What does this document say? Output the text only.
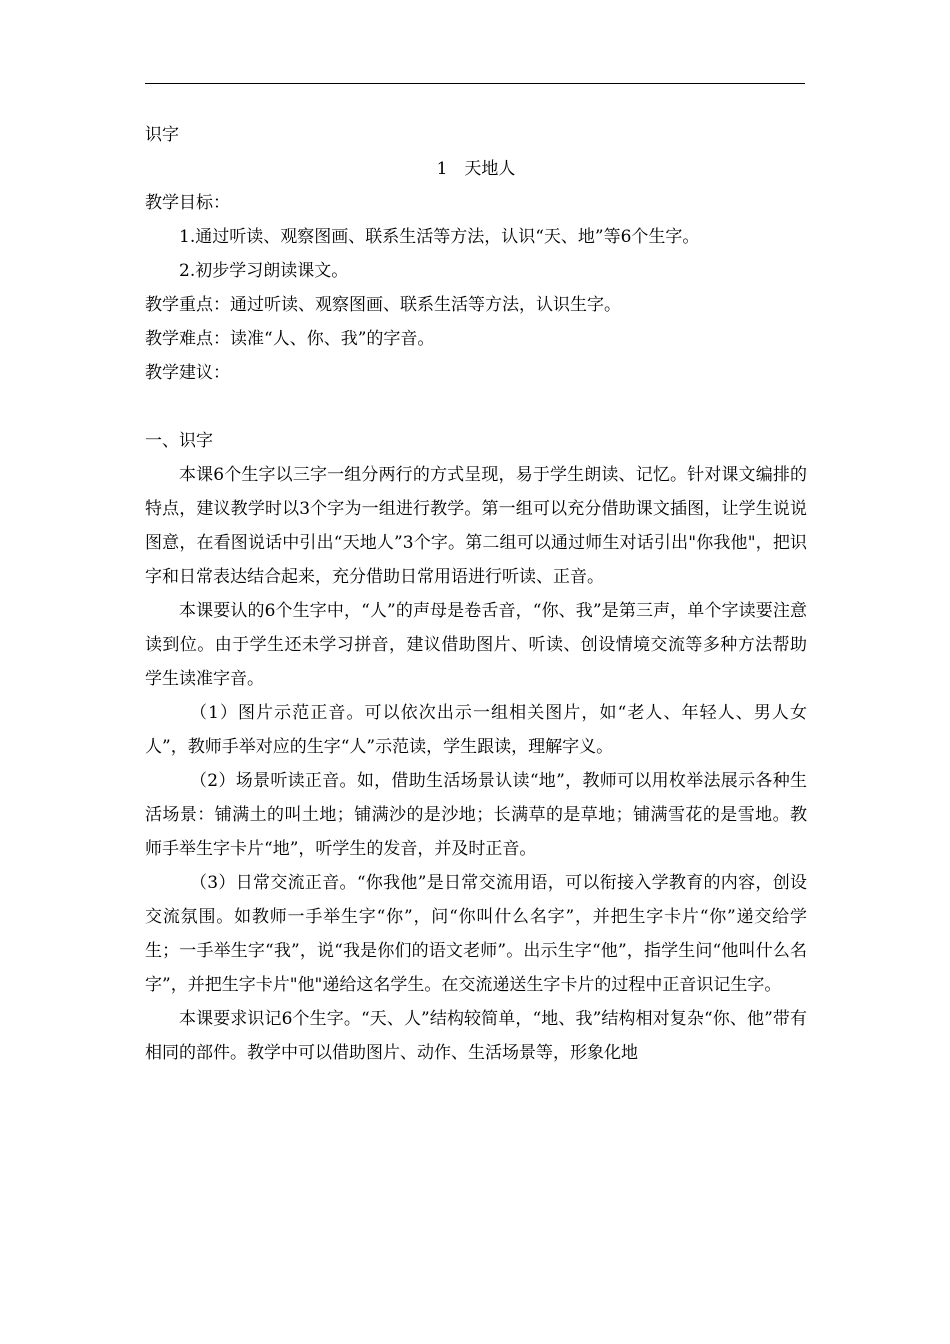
识字

1　天地人

教学目标：

1.通过听读、观察图画、联系生活等方法，认识“天、地”等6个生字。

2.初步学习朗读课文。

教学重点：通过听读、观察图画、联系生活等方法，认识生字。

教学难点：读准“人、你、我”的字音。

教学建议：

一、识字

本课6个生字以三字一组分两行的方式呈现，易于学生朗读、记忆。针对课文编排的特点，建议教学时以3个字为一组进行教学。第一组可以充分借助课文插图，让学生说说图意，在看图说话中引出“天地人”3个字。第二组可以通过师生对话引出"你我他"，把识字和日常表达结合起来，充分借助日常用语进行听读、正音。

本课要认的6个生字中，“人”的声母是卷舌音，“你、我”是第三声，单个字读要注意读到位。由于学生还未学习拼音，建议借助图片、听读、创设情境交流等多种方法帮助学生读准字音。

（1）图片示范正音。可以依次出示一组相关图片，如“老人、年轻人、男人女人”，教师手举对应的生字“人”示范读，学生跟读，理解字义。

（2）场景听读正音。如，借助生活场景认读“地”，教师可以用枚举法展示各种生活场景：铺满土的叫土地；铺满沙的是沙地；长满草的是草地；铺满雪花的是雪地。教师手举生字卡片“地”，听学生的发音，并及时正音。

（3）日常交流正音。“你我他”是日常交流用语，可以衔接入学教育的内容，创设交流氛围。如教师一手举生字“你”，问“你叫什么名字”，并把生字卡片“你”递交给学生；一手举生字“我”，说“我是你们的语文老师”。出示生字“他”，指学生问“他叫什么名字”，并把生字卡片"他"递给这名学生。在交流递送生字卡片的过程中正音识记生字。

本课要求识记6个生字。“天、人”结构较简单，“地、我”结构相对复杂“你、他”带有相同的部件。教学中可以借助图片、动作、生活场景等，形象化地
